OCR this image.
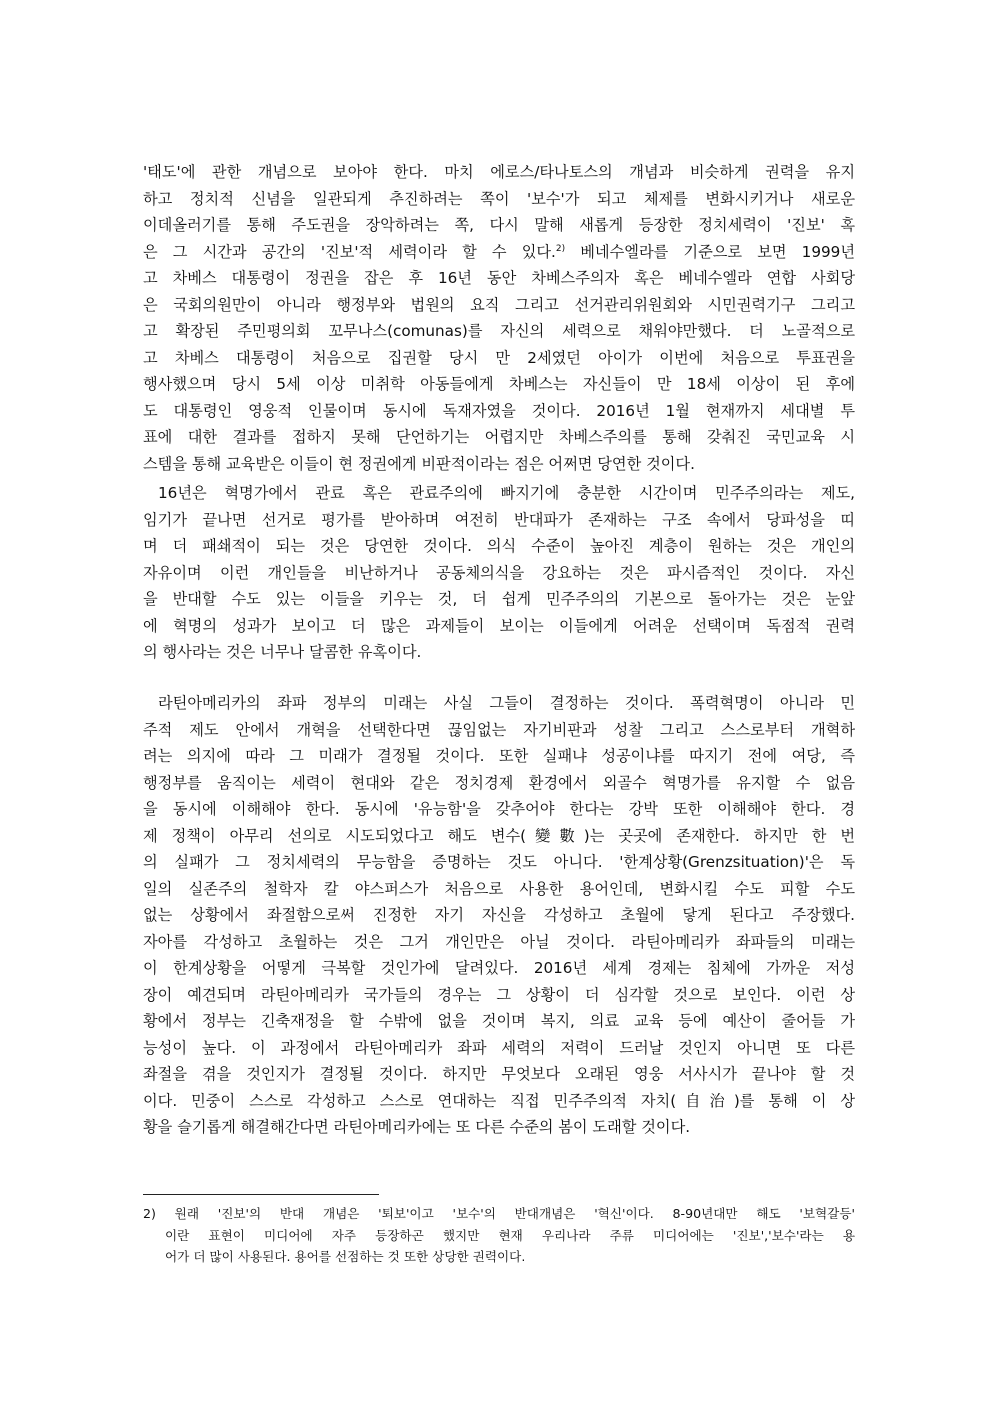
'태도'에 관한 개념으로 보아야 한다. 마치 에로스/타나토스의 개념과 비슷하게 권력을 유지
하고 정치적 신념을 일관되게 추진하려는 쪽이 '보수'가 되고 체제를 변화시키거나 새로운
이데올러기를 통해 주도권을 장악하려는 쪽, 다시 말해 새롭게 등장한 정치세력이 '진보' 혹
은 그 시간과 공간의 '진보'적 세력이라 할 수 있다.$^{2)}$ 베네수엘라를 기준으로 보면 1999년
고 차베스 대통령이 정권을 잡은 후 16년 동안 차베스주의자 혹은 베네수엘라 연합 사회당
은 국회의원만이 아니라 행정부와 법원의 요직 그리고 선거관리위원회와 시민권력기구 그리고
고 확장된 주민평의회 꼬무나스(comunas)를 자신의 세력으로 채워야만했다. 더 노골적으로
고 차베스 대통령이 처음으로 집권할 당시 만 2세였던 아이가 이번에 처음으로 투표권을
행사했으며 당시 5세 이상 미취학 아동들에게 차베스는 자신들이 만 18세 이상이 된 후에
도 대통령인 영웅적 인물이며 동시에 독재자였을 것이다. 2016년 1월 현재까지 세대별 투
표에 대한 결과를 접하지 못해 단언하기는 어렵지만 차베스주의를 통해 갖춰진 국민교육 시
스템을 통해 교육받은 이들이 현 정권에게 비판적이라는 점은 어쩌면 당연한 것이다.
16년은 혁명가에서 관료 혹은 관료주의에 빠지기에 충분한 시간이며 민주주의라는 제도,
임기가 끝나면 선거로 평가를 받아하며 여전히 반대파가 존재하는 구조 속에서 당파성을 띠
며 더 패쇄적이 되는 것은 당연한 것이다. 의식 수준이 높아진 계층이 원하는 것은 개인의
자유이며 이런 개인들을 비난하거나 공동체의식을 강요하는 것은 파시즘적인 것이다. 자신
을 반대할 수도 있는 이들을 키우는 것, 더 쉽게 민주주의의 기본으로 돌아가는 것은 눈앞
에 혁명의 성과가 보이고 더 많은 과제들이 보이는 이들에게 어려운 선택이며 독점적 권력
의 행사라는 것은 너무나 달콤한 유혹이다.
라틴아메리카의 좌파 정부의 미래는 사실 그들이 결정하는 것이다. 폭력혁명이 아니라 민
주적 제도 안에서 개혁을 선택한다면 끊임없는 자기비판과 성찰 그리고 스스로부터 개혁하
려는 의지에 따라 그 미래가 결정될 것이다. 또한 실패냐 성공이냐를 따지기 전에 여당, 즉
행정부를 움직이는 세력이 현대와 같은 정치경제 환경에서 외골수 혁명가를 유지할 수 없음
을 동시에 이해해야 한다. 동시에 '유능함'을 갖추어야 한다는 강박 또한 이해해야 한다. 경
제 정책이 아무리 선의로 시도되었다고 해도 변수(變數)는 곳곳에 존재한다. 하지만 한 번
의 실패가 그 정치세력의 무능함을 증명하는 것도 아니다. '한계상황(Grenzsituation)'은 독
일의 실존주의 철학자 칼 야스퍼스가 처음으로 사용한 용어인데, 변화시킬 수도 피할 수도
없는 상황에서 좌절함으로써 진정한 자기 자신을 각성하고 초월에 닿게 된다고 주장했다.
자아를 각성하고 초월하는 것은 그거 개인만은 아닐 것이다. 라틴아메리카 좌파들의 미래는
이 한계상황을 어떻게 극복할 것인가에 달려있다. 2016년 세계 경제는 침체에 가까운 저성
장이 예견되며 라틴아메리카 국가들의 경우는 그 상황이 더 심각할 것으로 보인다. 이런 상
황에서 정부는 긴축재정을 할 수밖에 없을 것이며 복지, 의료 교육 등에 예산이 줄어들 가
능성이 높다. 이 과정에서 라틴아메리카 좌파 세력의 저력이 드러날 것인지 아니면 또 다른
좌절을 겪을 것인지가 결정될 것이다. 하지만 무엇보다 오래된 영웅 서사시가 끝나야 할 것
이다. 민중이 스스로 각성하고 스스로 연대하는 직접 민주주의적 자치(自治)를 통해 이 상
황을 슬기롭게 해결해간다면 라틴아메리카에는 또 다른 수준의 봄이 도래할 것이다.
2) 원래 '진보'의 반대 개념은 '퇴보'이고 '보수'의 반대개념은 '혁신'이다. 8-90년대만 해도 '보혁갈등'
이란 표현이 미디어에 자주 등장하곤 했지만 현재 우리나라 주류 미디어에는 '진보','보수'라는 용
어가 더 많이 사용된다. 용어를 선점하는 것 또한 상당한 권력이다.
